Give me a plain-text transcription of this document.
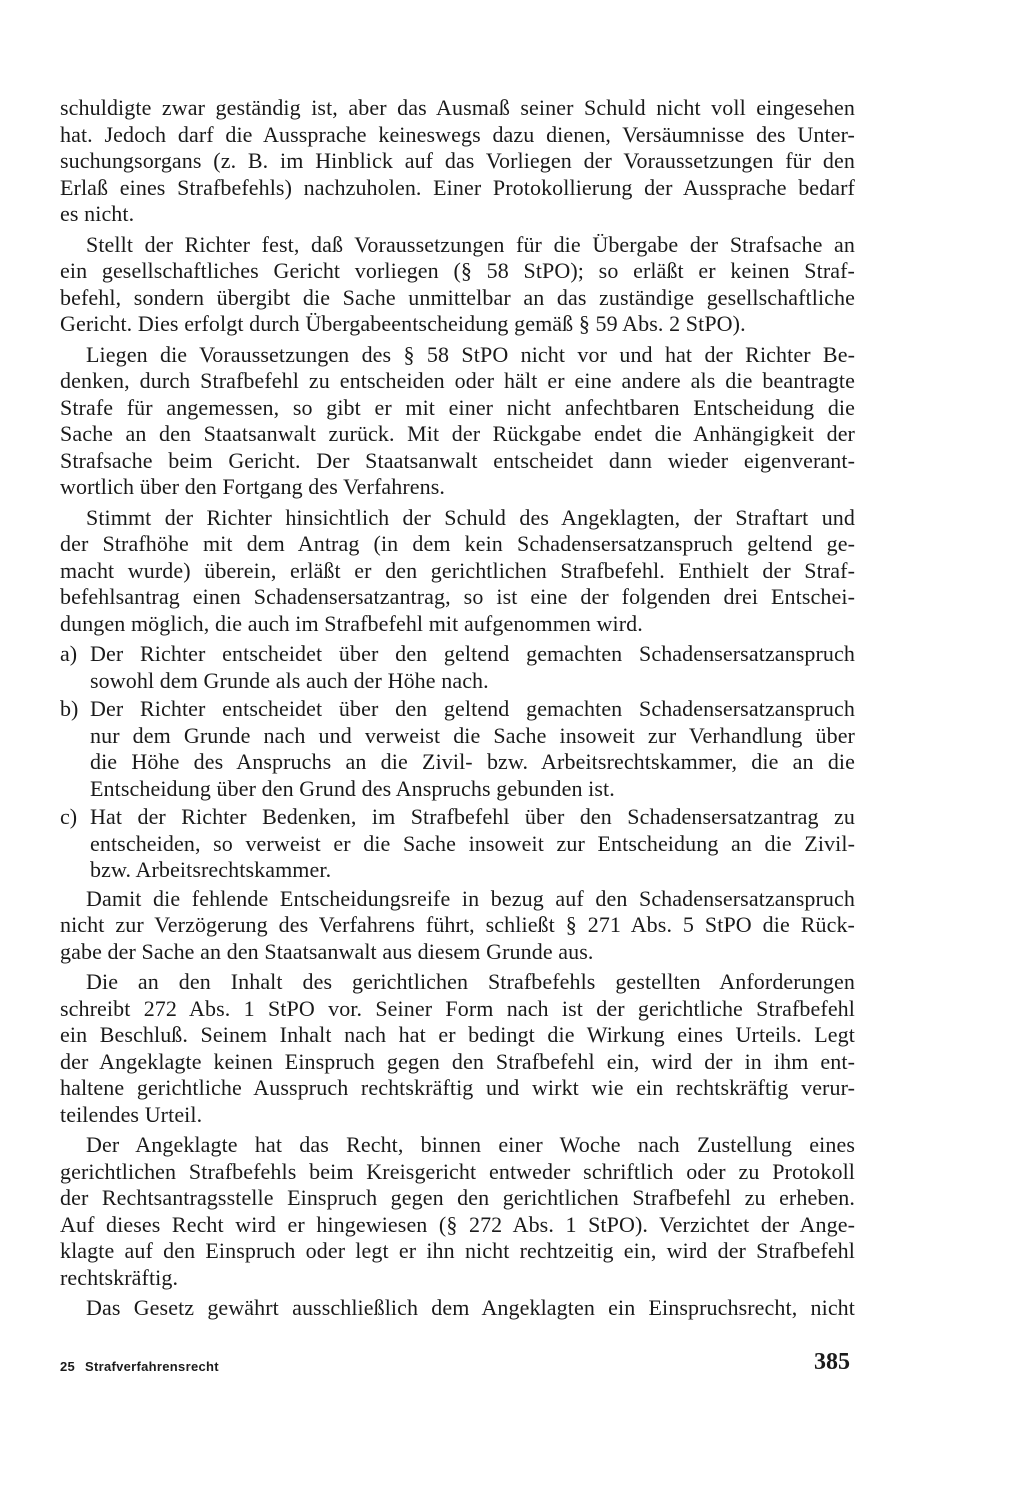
schuldigte zwar geständig ist, aber das Ausmaß seiner Schuld nicht voll eingesehen
hat. Jedoch darf die Aussprache keineswegs dazu dienen, Versäumnisse des Unter-
suchungsorgans (z. B. im Hinblick auf das Vorliegen der Voraussetzungen für den
Erlaß eines Strafbefehls) nachzuholen. Einer Protokollierung der Aussprache bedarf
es nicht.
Stellt der Richter fest, daß Voraussetzungen für die Übergabe der Strafsache an
ein gesellschaftliches Gericht vorliegen (§ 58 StPO); so erläßt er keinen Straf-
befehl, sondern übergibt die Sache unmittelbar an das zuständige gesellschaftliche
Gericht. Dies erfolgt durch Übergabeentscheidung gemäß § 59 Abs. 2 StPO).
Liegen die Voraussetzungen des § 58 StPO nicht vor und hat der Richter Be-
denken, durch Strafbefehl zu entscheiden oder hält er eine andere als die beantragte
Strafe für angemessen, so gibt er mit einer nicht anfechtbaren Entscheidung die
Sache an den Staatsanwalt zurück. Mit der Rückgabe endet die Anhängigkeit der
Strafsache beim Gericht. Der Staatsanwalt entscheidet dann wieder eigenverant-
wortlich über den Fortgang des Verfahrens.
Stimmt der Richter hinsichtlich der Schuld des Angeklagten, der Straftart und
der Strafhöhe mit dem Antrag (in dem kein Schadensersatzanspruch geltend ge-
macht wurde) überein, erläßt er den gerichtlichen Strafbefehl. Enthielt der Straf-
befehlsantrag einen Schadensersatzantrag, so ist eine der folgenden drei Entschei-
dungen möglich, die auch im Strafbefehl mit aufgenommen wird.
a) Der Richter entscheidet über den geltend gemachten Schadensersatzanspruch
sowohl dem Grunde als auch der Höhe nach.
b) Der Richter entscheidet über den geltend gemachten Schadensersatzanspruch
nur dem Grunde nach und verweist die Sache insoweit zur Verhandlung über
die Höhe des Anspruchs an die Zivil- bzw. Arbeitsrechtskammer, die an die
Entscheidung über den Grund des Anspruchs gebunden ist.
c) Hat der Richter Bedenken, im Strafbefehl über den Schadensersatzantrag zu
entscheiden, so verweist er die Sache insoweit zur Entscheidung an die Zivil-
bzw. Arbeitsrechtskammer.
Damit die fehlende Entscheidungsreife in bezug auf den Schadensersatzanspruch
nicht zur Verzögerung des Verfahrens führt, schließt § 271 Abs. 5 StPO die Rück-
gabe der Sache an den Staatsanwalt aus diesem Grunde aus.
Die an den Inhalt des gerichtlichen Strafbefehls gestellten Anforderungen
schreibt 272 Abs. 1 StPO vor. Seiner Form nach ist der gerichtliche Strafbefehl
ein Beschluß. Seinem Inhalt nach hat er bedingt die Wirkung eines Urteils. Legt
der Angeklagte keinen Einspruch gegen den Strafbefehl ein, wird der in ihm ent-
haltene gerichtliche Ausspruch rechtskräftig und wirkt wie ein rechtskräftig verur-
teilendes Urteil.
Der Angeklagte hat das Recht, binnen einer Woche nach Zustellung eines
gerichtlichen Strafbefehls beim Kreisgericht entweder schriftlich oder zu Protokoll
der Rechtsantragsstelle Einspruch gegen den gerichtlichen Strafbefehl zu erheben.
Auf dieses Recht wird er hingewiesen (§ 272 Abs. 1 StPO). Verzichtet der Ange-
klagte auf den Einspruch oder legt er ihn nicht rechtzeitig ein, wird der Strafbefehl
rechtskräftig.
Das Gesetz gewährt ausschließlich dem Angeklagten ein Einspruchsrecht, nicht
25 Strafverfahrensrecht	385
